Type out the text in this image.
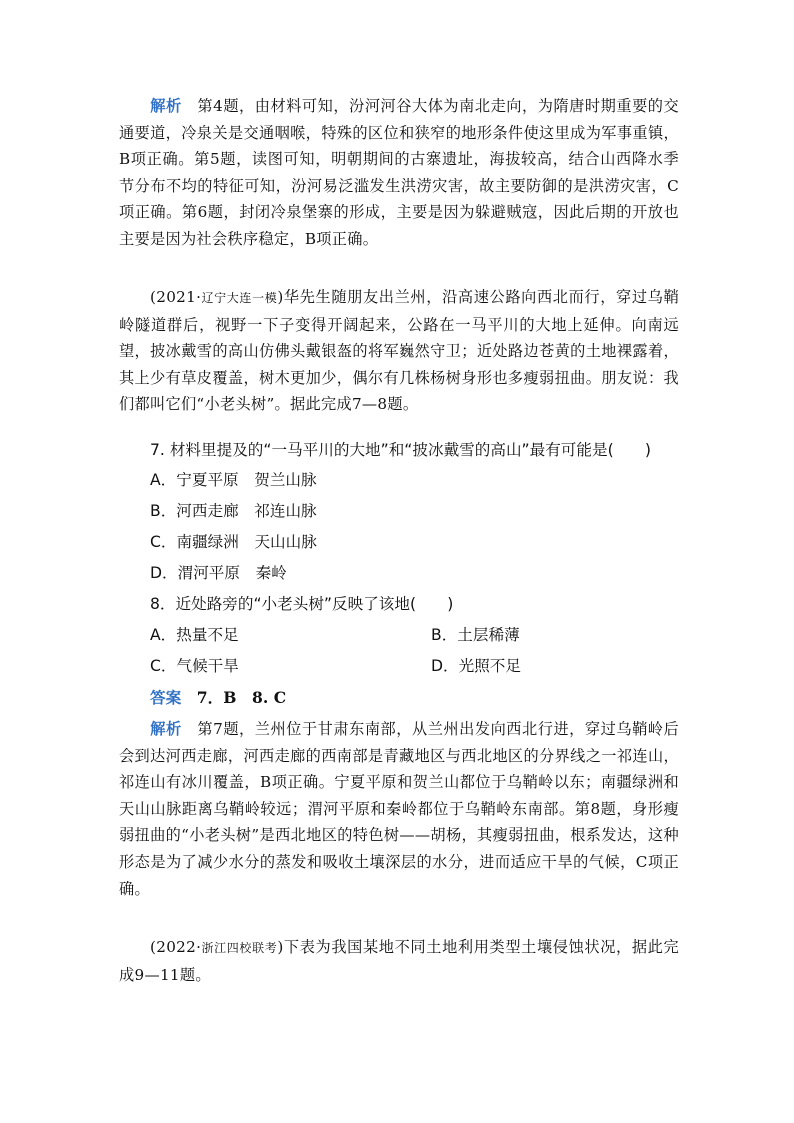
解析　第4题，由材料可知，汾河河谷大体为南北走向，为隋唐时期重要的交通要道，冷泉关是交通咽喉，特殊的区位和狭窄的地形条件使这里成为军事重镇，B项正确。第5题，读图可知，明朝期间的古寨遗址，海拔较高，结合山西降水季节分布不均的特征可知，汾河易泛滥发生洪涝灾害，故主要防御的是洪涝灾害，C项正确。第6题，封闭冷泉堡寨的形成，主要是因为躲避贼寇，因此后期的开放也主要是因为社会秩序稳定，B项正确。
(2021·辽宁大连一模)华先生随朋友出兰州，沿高速公路向西北而行，穿过乌鞘岭隧道群后，视野一下子变得开阔起来，公路在一马平川的大地上延伸。向南远望，披冰戴雪的高山仿佛头戴银盔的将军巍然守卫；近处路边苍黄的土地裸露着，其上少有草皮覆盖，树木更加少，偶尔有几株杨树身形也多瘦弱扭曲。朋友说：我们都叫它们“小老头树”。据此完成7—8题。
7. 材料里提及的“一马平川的大地”和“披冰戴雪的高山”最有可能是(　　)
A．宁夏平原　贺兰山脉
B．河西走廊　祁连山脉
C．南疆绿洲　天山山脉
D．渭河平原　秦岭
8．近处路旁的“小老头树”反映了该地(　　)
A．热量不足	B．土层稀薄
C．气候干旱	D．光照不足
答案　7．B　8. C
解析　第7题，兰州位于甘肃东南部，从兰州出发向西北行进，穿过乌鞘岭后会到达河西走廊，河西走廊的西南部是青藏地区与西北地区的分界线之一祁连山，祁连山有冰川覆盖，B项正确。宁夏平原和贺兰山都位于乌鞘岭以东；南疆绿洲和天山山脉距离乌鞘岭较远；渭河平原和秦岭都位于乌鞘岭东南部。第8题，身形瘦弱扭曲的“小老头树”是西北地区的特色树——胡杨，其瘦弱扭曲，根系发达，这种形态是为了减少水分的蒸发和吸收土壤深层的水分，进而适应干旱的气候，C项正确。
(2022·浙江四校联考)下表为我国某地不同土地利用类型土壤侵蚀状况，据此完成9—11题。
